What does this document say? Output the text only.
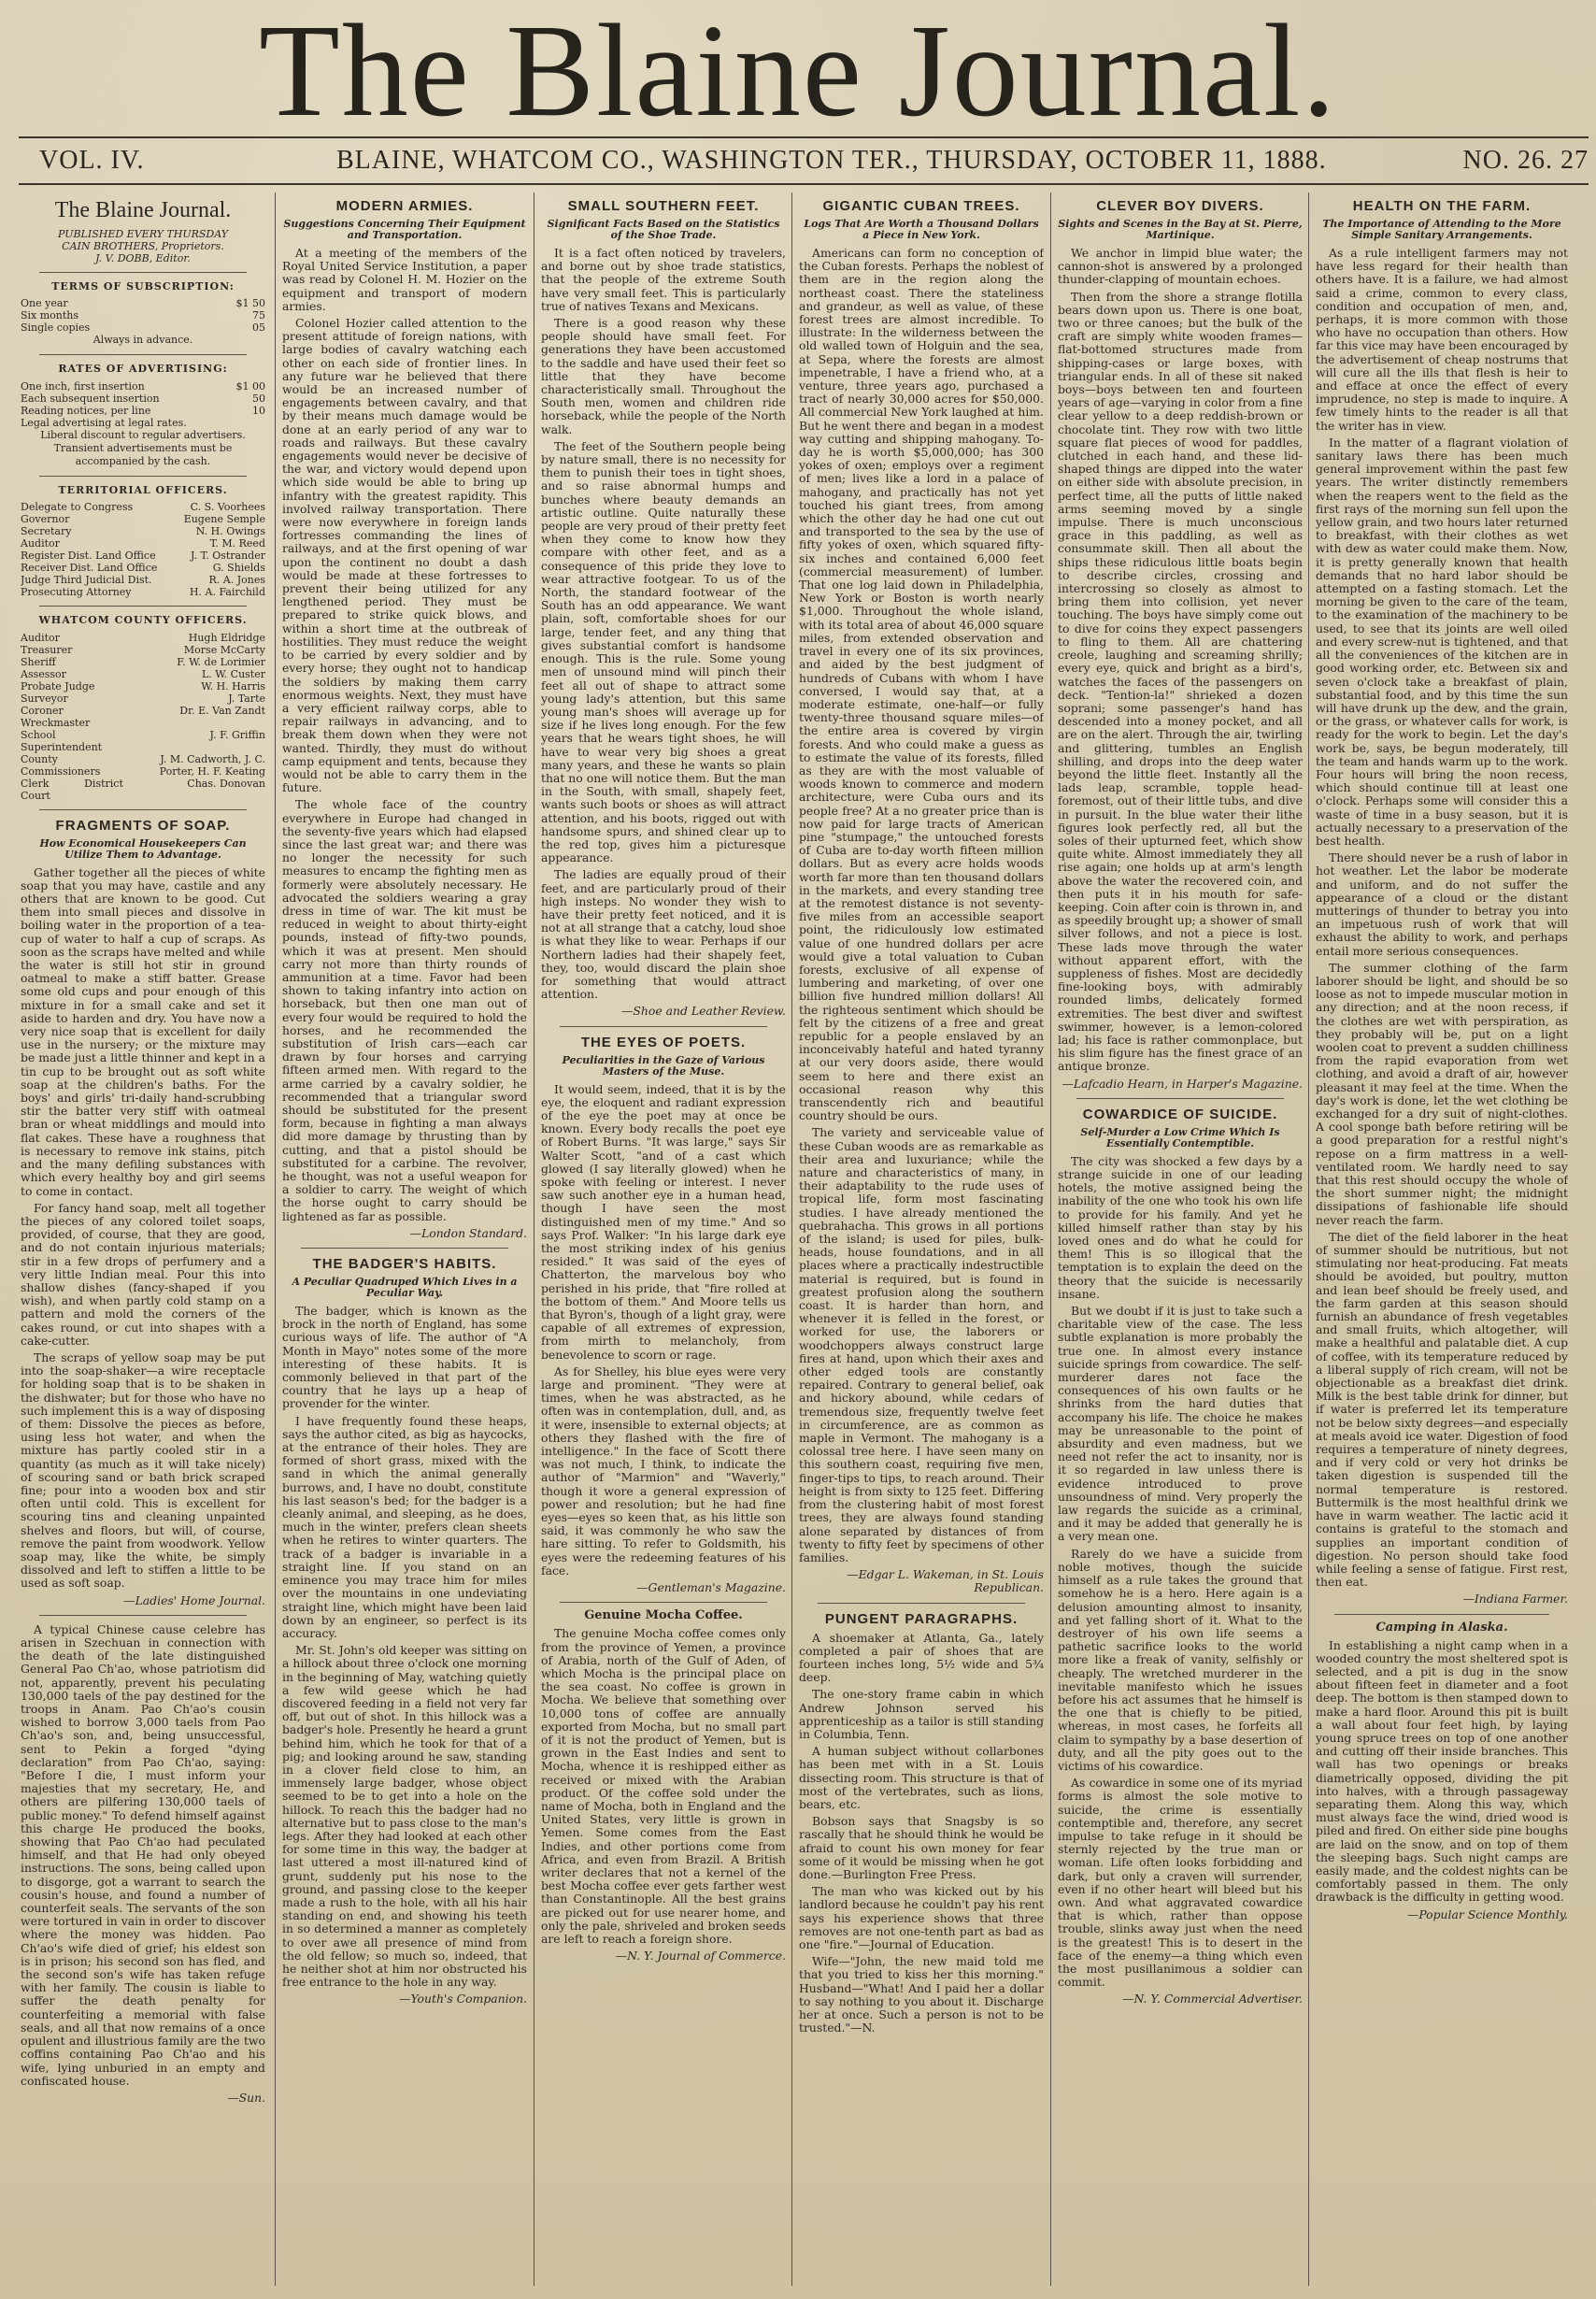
The Blaine Journal.
VOL. IV.	BLAINE, WHATCOM CO., WASHINGTON TER., THURSDAY, OCTOBER 11, 1888.	NO. 26. 27
The Blaine Journal.
PUBLISHED EVERY THURSDAY
CAIN BROTHERS, Proprietors.
J. V. DOBB, Editor.
TERMS OF SUBSCRIPTION:
One year	$1 50
Six months	75
Single copies	05
Always in advance.
RATES OF ADVERTISING:
One inch, first insertion	$1 00
Each subsequent insertion	50
Reading notices, per line	10
Legal advertising at legal rates.	
Liberal discount to regular advertisers. Transient advertisements must be accompanied by the cash.
TERRITORIAL OFFICERS.
Delegate to Congress	C. S. Voorhees
Governor	Eugene Semple
Secretary	N. H. Owings
Auditor	T. M. Reed
Register Dist. Land Office	J. T. Ostrander
Receiver Dist. Land Office	G. Shields
Judge Third Judicial Dist.	R. A. Jones
Prosecuting Attorney	H. A. Fairchild
WHATCOM COUNTY OFFICERS.
Auditor	Hugh Eldridge
Treasurer	Morse McCarty
Sheriff	F. W. de Lorimier
Assessor	L. W. Custer
Probate Judge	W. H. Harris
Surveyor	J. Tarte
Coroner	Dr. E. Van Zandt
Wreckmaster	
School Superintendent	J. F. Griffin
County Commissioners	J. M. Cadworth, J. C. Porter, H. F. Keating
Clerk District Court	Chas. Donovan
FRAGMENTS OF SOAP.
How Economical Housekeepers Can Utilize Them to Advantage.

Gather together all the pieces of white soap that you may have, castile and any others that are known to be good. Cut them into small pieces and dissolve in boiling water in the proportion of a tea-cup of water to half a cup of scraps. As soon as the scraps have melted and while the water is still hot stir in ground oatmeal to make a stiff batter. Grease some old cups and pour enough of this mixture in for a small cake and set it aside to harden and dry. You have now a very nice soap that is excellent for daily use in the nursery; or the mixture may be made just a little thinner and kept in a tin cup to be brought out as soft white soap at the children's baths. For the boys' and girls' tri-daily hand-scrubbing stir the batter very stiff with oatmeal bran or wheat middlings and mould into flat cakes. These have a roughness that is necessary to remove ink stains, pitch and the many defiling substances with which every healthy boy and girl seems to come in contact.

For fancy hand soap, melt all together the pieces of any colored toilet soaps, provided, of course, that they are good, and do not contain injurious materials; stir in a few drops of perfumery and a very little Indian meal. Pour this into shallow dishes (fancy-shaped if you wish), and when partly cold stamp on a pattern and mold the corners of the cakes round, or cut into shapes with a cake-cutter.

The scraps of yellow soap may be put into the soap-shaker—a wire receptacle for holding soap that is to be shaken in the dishwater; but for those who have no such implement this is a way of disposing of them: Dissolve the pieces as before, using less hot water, and when the mixture has partly cooled stir in a quantity (as much as it will take nicely) of scouring sand or bath brick scraped fine; pour into a wooden box and stir often until cold. This is excellent for scouring tins and cleaning unpainted shelves and floors, but will, of course, remove the paint from woodwork. Yellow soap may, like the white, be simply dissolved and left to stiffen a little to be used as soft soap.

—Ladies' Home Journal.

A typical Chinese cause celebre has arisen in Szechuan in connection with the death of the late distinguished General Pao Ch'ao, whose patriotism did not, apparently, prevent his peculating 130,000 taels of the pay destined for the troops in Anam. Pao Ch'ao's cousin wished to borrow 3,000 taels from Pao Ch'ao's son, and, being unsuccessful, sent to Pekin a forged "dying declaration" from Pao Ch'ao, saying: "Before I die, I must inform your majesties that my secretary, He, and others are pilfering 130,000 taels of public money." To defend himself against this charge He produced the books, showing that Pao Ch'ao had peculated himself, and that He had only obeyed instructions. The sons, being called upon to disgorge, got a warrant to search the cousin's house, and found a number of counterfeit seals. The servants of the son were tortured in vain in order to discover where the money was hidden. Pao Ch'ao's wife died of grief; his eldest son is in prison; his second son has fled, and the second son's wife has taken refuge with her family. The cousin is liable to suffer the death penalty for counterfeiting a memorial with false seals, and all that now remains of a once opulent and illustrious family are the two coffins containing Pao Ch'ao and his wife, lying unburied in an empty and confiscated house.

—Sun.
MODERN ARMIES.
Suggestions Concerning Their Equipment and Transportation.

At a meeting of the members of the Royal United Service Institution, a paper was read by Colonel H. M. Hozier on the equipment and transport of modern armies.

Colonel Hozier called attention to the present attitude of foreign nations, with large bodies of cavalry watching each other on each side of frontier lines. In any future war he believed that there would be an increased number of engagements between cavalry, and that by their means much damage would be done at an early period of any war to roads and railways. But these cavalry engagements would never be decisive of the war, and victory would depend upon which side would be able to bring up infantry with the greatest rapidity. This involved railway transportation. There were now everywhere in foreign lands fortresses commanding the lines of railways, and at the first opening of war upon the continent no doubt a dash would be made at these fortresses to prevent their being utilized for any lengthened period. They must be prepared to strike quick blows, and within a short time at the outbreak of hostilities. They must reduce the weight to be carried by every soldier and by every horse; they ought not to handicap the soldiers by making them carry enormous weights. Next, they must have a very efficient railway corps, able to repair railways in advancing, and to break them down when they were not wanted. Thirdly, they must do without camp equipment and tents, because they would not be able to carry them in the future.

The whole face of the country everywhere in Europe had changed in the seventy-five years which had elapsed since the last great war; and there was no longer the necessity for such measures to encamp the fighting men as formerly were absolutely necessary. He advocated the soldiers wearing a gray dress in time of war. The kit must be reduced in weight to about thirty-eight pounds, instead of fifty-two pounds, which it was at present. Men should carry not more than thirty rounds of ammunition at a time. Favor had been shown to taking infantry into action on horseback, but then one man out of every four would be required to hold the horses, and he recommended the substitution of Irish cars—each car drawn by four horses and carrying fifteen armed men. With regard to the arme carried by a cavalry soldier, he recommended that a triangular sword should be substituted for the present form, because in fighting a man always did more damage by thrusting than by cutting, and that a pistol should be substituted for a carbine. The revolver, he thought, was not a useful weapon for a soldier to carry. The weight of which the horse ought to carry should be lightened as far as possible.

—London Standard.
THE BADGER'S HABITS.
A Peculiar Quadruped Which Lives in a Peculiar Way.

The badger, which is known as the brock in the north of England, has some curious ways of life. The author of "A Month in Mayo" notes some of the more interesting of these habits. It is commonly believed in that part of the country that he lays up a heap of provender for the winter.

I have frequently found these heaps, says the author cited, as big as haycocks, at the entrance of their holes. They are formed of short grass, mixed with the sand in which the animal generally burrows, and, I have no doubt, constitute his last season's bed; for the badger is a cleanly animal, and sleeping, as he does, much in the winter, prefers clean sheets when he retires to winter quarters. The track of a badger is invariable in a straight line. If you stand on an eminence you may trace him for miles over the mountains in one undeviating straight line, which might have been laid down by an engineer, so perfect is its accuracy.

Mr. St. John's old keeper was sitting on a hillock about three o'clock one morning in the beginning of May, watching quietly a few wild geese which he had discovered feeding in a field not very far off, but out of shot. In this hillock was a badger's hole. Presently he heard a grunt behind him, which he took for that of a pig; and looking around he saw, standing in a clover field close to him, an immensely large badger, whose object seemed to be to get into a hole on the hillock. To reach this the badger had no alternative but to pass close to the man's legs. After they had looked at each other for some time in this way, the badger at last uttered a most ill-natured kind of grunt, suddenly put his nose to the ground, and passing close to the keeper made a rush to the hole, with all his hair standing on end, and showing his teeth in so determined a manner as completely to over awe all presence of mind from the old fellow; so much so, indeed, that he neither shot at him nor obstructed his free entrance to the hole in any way.

—Youth's Companion.
SMALL SOUTHERN FEET.
Significant Facts Based on the Statistics of the Shoe Trade.

It is a fact often noticed by travelers, and borne out by shoe trade statistics, that the people of the extreme South have very small feet. This is particularly true of natives Texans and Mexicans.

There is a good reason why these people should have small feet. For generations they have been accustomed to the saddle and have used their feet so little that they have become characteristically small. Throughout the South men, women and children ride horseback, while the people of the North walk.

The feet of the Southern people being by nature small, there is no necessity for them to punish their toes in tight shoes, and so raise abnormal humps and bunches where beauty demands an artistic outline. Quite naturally these people are very proud of their pretty feet when they come to know how they compare with other feet, and as a consequence of this pride they love to wear attractive footgear. To us of the North, the standard footwear of the South has an odd appearance. We want plain, soft, comfortable shoes for our large, tender feet, and any thing that gives substantial comfort is handsome enough. This is the rule. Some young men of unsound mind will pinch their feet all out of shape to attract some young lady's attention, but this same young man's shoes will average up for size if he lives long enough. For the few years that he wears tight shoes, he will have to wear very big shoes a great many years, and these he wants so plain that no one will notice them. But the man in the South, with small, shapely feet, wants such boots or shoes as will attract attention, and his boots, rigged out with handsome spurs, and shined clear up to the red top, gives him a picturesque appearance.

The ladies are equally proud of their feet, and are particularly proud of their high insteps. No wonder they wish to have their pretty feet noticed, and it is not at all strange that a catchy, loud shoe is what they like to wear. Perhaps if our Northern ladies had their shapely feet, they, too, would discard the plain shoe for something that would attract attention.

—Shoe and Leather Review.
THE EYES OF POETS.
Peculiarities in the Gaze of Various Masters of the Muse.

It would seem, indeed, that it is by the eye, the eloquent and radiant expression of the eye the poet may at once be known. Every body recalls the poet eye of Robert Burns. "It was large," says Sir Walter Scott, "and of a cast which glowed (I say literally glowed) when he spoke with feeling or interest. I never saw such another eye in a human head, though I have seen the most distinguished men of my time." And so says Prof. Walker: "In his large dark eye the most striking index of his genius resided." It was said of the eyes of Chatterton, the marvelous boy who perished in his pride, that "fire rolled at the bottom of them." And Moore tells us that Byron's, though of a light gray, were capable of all extremes of expression, from mirth to melancholy, from benevolence to scorn or rage.

As for Shelley, his blue eyes were very large and prominent. "They were at times, when he was abstracted, as he often was in contemplation, dull, and, as it were, insensible to external objects; at others they flashed with the fire of intelligence." In the face of Scott there was not much, I think, to indicate the author of "Marmion" and "Waverly," though it wore a general expression of power and resolution; but he had fine eyes—eyes so keen that, as his little son said, it was commonly he who saw the hare sitting. To refer to Goldsmith, his eyes were the redeeming features of his face.

—Gentleman's Magazine.
Genuine Mocha Coffee.

The genuine Mocha coffee comes only from the province of Yemen, a province of Arabia, north of the Gulf of Aden, of which Mocha is the principal place on the sea coast. No coffee is grown in Mocha. We believe that something over 10,000 tons of coffee are annually exported from Mocha, but no small part of it is not the product of Yemen, but is grown in the East Indies and sent to Mocha, whence it is reshipped either as received or mixed with the Arabian product. Of the coffee sold under the name of Mocha, both in England and the United States, very little is grown in Yemen. Some comes from the East Indies, and other portions come from Africa, and even from Brazil. A British writer declares that not a kernel of the best Mocha coffee ever gets farther west than Constantinople. All the best grains are picked out for use nearer home, and only the pale, shriveled and broken seeds are left to reach a foreign shore.

—N. Y. Journal of Commerce.
GIGANTIC CUBAN TREES.
Logs That Are Worth a Thousand Dollars a Piece in New York.

Americans can form no conception of the Cuban forests. Perhaps the noblest of them are in the region along the northeast coast. There the stateliness and grandeur, as well as value, of these forest trees are almost incredible. To illustrate: In the wilderness between the old walled town of Holguin and the sea, at Sepa, where the forests are almost impenetrable, I have a friend who, at a venture, three years ago, purchased a tract of nearly 30,000 acres for $50,000. All commercial New York laughed at him. But he went there and began in a modest way cutting and shipping mahogany. To-day he is worth $5,000,000; has 300 yokes of oxen; employs over a regiment of men; lives like a lord in a palace of mahogany, and practically has not yet touched his giant trees, from among which the other day he had one cut out and transported to the sea by the use of fifty yokes of oxen, which squared fifty-six inches and contained 6,000 feet (commercial measurement) of lumber. That one log laid down in Philadelphia, New York or Boston is worth nearly $1,000. Throughout the whole island, with its total area of about 46,000 square miles, from extended observation and travel in every one of its six provinces, and aided by the best judgment of hundreds of Cubans with whom I have conversed, I would say that, at a moderate estimate, one-half—or fully twenty-three thousand square miles—of the entire area is covered by virgin forests. And who could make a guess as to estimate the value of its forests, filled as they are with the most valuable of woods known to commerce and modern architecture, were Cuba ours and its people free? At a no greater price than is now paid for large tracts of American pine "stumpage," the untouched forests of Cuba are to-day worth fifteen million dollars. But as every acre holds woods worth far more than ten thousand dollars in the markets, and every standing tree at the remotest distance is not seventy-five miles from an accessible seaport point, the ridiculously low estimated value of one hundred dollars per acre would give a total valuation to Cuban forests, exclusive of all expense of lumbering and marketing, of over one billion five hundred million dollars! All the righteous sentiment which should be felt by the citizens of a free and great republic for a people enslaved by an inconceivably hateful and hated tyranny at our very doors aside, there would seem to here and there exist an occasional reason why this transcendently rich and beautiful country should be ours.

The variety and serviceable value of these Cuban woods are as remarkable as their area and luxuriance; while the nature and characteristics of many, in their adaptability to the rude uses of tropical life, form most fascinating studies. I have already mentioned the quebrahacha. This grows in all portions of the island; is used for piles, bulk-heads, house foundations, and in all places where a practically indestructible material is required, but is found in greatest profusion along the southern coast. It is harder than horn, and whenever it is felled in the forest, or worked for use, the laborers or woodchoppers always construct large fires at hand, upon which their axes and other edged tools are constantly repaired. Contrary to general belief, oak and hickory abound, while cedars of tremendous size, frequently twelve feet in circumference, are as common as maple in Vermont. The mahogany is a colossal tree here. I have seen many on this southern coast, requiring five men, finger-tips to tips, to reach around. Their height is from sixty to 125 feet. Differing from the clustering habit of most forest trees, they are always found standing alone separated by distances of from twenty to fifty feet by specimens of other families.

—Edgar L. Wakeman, in St. Louis Republican.
PUNGENT PARAGRAPHS.

A shoemaker at Atlanta, Ga., lately completed a pair of shoes that are fourteen inches long, 5½ wide and 5¾ deep.

The one-story frame cabin in which Andrew Johnson served his apprenticeship as a tailor is still standing in Columbia, Tenn.

A human subject without collarbones has been met with in a St. Louis dissecting room. This structure is that of most of the vertebrates, such as lions, bears, etc.

Bobson says that Snagsby is so rascally that he should think he would be afraid to count his own money for fear some of it would be missing when he got done.—Burlington Free Press.

The man who was kicked out by his landlord because he couldn't pay his rent says his experience shows that three removes are not one-tenth part as bad as one "fire."—Journal of Education.

Wife—"John, the new maid told me that you tried to kiss her this morning." Husband—"What! And I paid her a dollar to say nothing to you about it. Discharge her at once. Such a person is not to be trusted."—N.

CLEVER BOY DIVERS.
Sights and Scenes in the Bay at St. Pierre, Martinique.

We anchor in limpid blue water; the cannon-shot is answered by a prolonged thunder-clapping of mountain echoes.

Then from the shore a strange flotilla bears down upon us. There is one boat, two or three canoes; but the bulk of the craft are simply white wooden frames—flat-bottomed structures made from shipping-cases or large boxes, with triangular ends. In all of these sit naked boys—boys between ten and fourteen years of age—varying in color from a fine clear yellow to a deep reddish-brown or chocolate tint. They row with two little square flat pieces of wood for paddles, clutched in each hand, and these lid-shaped things are dipped into the water on either side with absolute precision, in perfect time, all the putts of little naked arms seeming moved by a single impulse. There is much unconscious grace in this paddling, as well as consummate skill. Then all about the ships these ridiculous little boats begin to describe circles, crossing and intercrossing so closely as almost to bring them into collision, yet never touching. The boys have simply come out to dive for coins they expect passengers to fling to them. All are chattering creole, laughing and screaming shrilly; every eye, quick and bright as a bird's, watches the faces of the passengers on deck. "Tention-la!" shrieked a dozen soprani; some passenger's hand has descended into a money pocket, and all are on the alert. Through the air, twirling and glittering, tumbles an English shilling, and drops into the deep water beyond the little fleet. Instantly all the lads leap, scramble, topple head-foremost, out of their little tubs, and dive in pursuit. In the blue water their lithe figures look perfectly red, all but the soles of their upturned feet, which show quite white. Almost immediately they all rise again; one holds up at arm's length above the water the recovered coin, and then puts it in his mouth for safe-keeping. Coin after coin is thrown in, and as speedily brought up; a shower of small silver follows, and not a piece is lost. These lads move through the water without apparent effort, with the suppleness of fishes. Most are decidedly fine-looking boys, with admirably rounded limbs, delicately formed extremities. The best diver and swiftest swimmer, however, is a lemon-colored lad; his face is rather commonplace, but his slim figure has the finest grace of an antique bronze.

—Lafcadio Hearn, in Harper's Magazine.
COWARDICE OF SUICIDE.
Self-Murder a Low Crime Which Is Essentially Contemptible.

The city was shocked a few days by a strange suicide in one of our leading hotels, the motive assigned being the inability of the one who took his own life to provide for his family. And yet he killed himself rather than stay by his loved ones and do what he could for them! This is so illogical that the temptation is to explain the deed on the theory that the suicide is necessarily insane.

But we doubt if it is just to take such a charitable view of the case. The less subtle explanation is more probably the true one. In almost every instance suicide springs from cowardice. The self-murderer dares not face the consequences of his own faults or he shrinks from the hard duties that accompany his life. The choice he makes may be unreasonable to the point of absurdity and even madness, but we need not refer the act to insanity, nor is it so regarded in law unless there is evidence introduced to prove unsoundness of mind. Very properly the law regards the suicide as a criminal, and it may be added that generally he is a very mean one.

Rarely do we have a suicide from noble motives, though the suicide himself as a rule takes the ground that somehow he is a hero. Here again is a delusion amounting almost to insanity, and yet falling short of it. What to the destroyer of his own life seems a pathetic sacrifice looks to the world more like a freak of vanity, selfishly or cheaply. The wretched murderer in the inevitable manifesto which he issues before his act assumes that he himself is the one that is chiefly to be pitied, whereas, in most cases, he forfeits all claim to sympathy by a base desertion of duty, and all the pity goes out to the victims of his cowardice.

As cowardice in some one of its myriad forms is almost the sole motive to suicide, the crime is essentially contemptible and, therefore, any secret impulse to take refuge in it should be sternly rejected by the true man or woman. Life often looks forbidding and dark, but only a craven will surrender, even if no other heart will bleed but his own. And what aggravated cowardice that is which, rather than oppose trouble, slinks away just when the need is the greatest! This is to desert in the face of the enemy—a thing which even the most pusillanimous a soldier can commit.

—N. Y. Commercial Advertiser.
HEALTH ON THE FARM.
The Importance of Attending to the More Simple Sanitary Arrangements.

As a rule intelligent farmers may not have less regard for their health than others have. It is a failure, we had almost said a crime, common to every class, condition and occupation of men, and, perhaps, it is more common with those who have no occupation than others. How far this vice may have been encouraged by the advertisement of cheap nostrums that will cure all the ills that flesh is heir to and efface at once the effect of every imprudence, no step is made to inquire. A few timely hints to the reader is all that the writer has in view.

In the matter of a flagrant violation of sanitary laws there has been much general improvement within the past few years. The writer distinctly remembers when the reapers went to the field as the first rays of the morning sun fell upon the yellow grain, and two hours later returned to breakfast, with their clothes as wet with dew as water could make them. Now, it is pretty generally known that health demands that no hard labor should be attempted on a fasting stomach. Let the morning be given to the care of the team, to the examination of the machinery to be used, to see that its joints are well oiled and every screw-nut is tightened, and that all the conveniences of the kitchen are in good working order, etc. Between six and seven o'clock take a breakfast of plain, substantial food, and by this time the sun will have drunk up the dew, and the grain, or the grass, or whatever calls for work, is ready for the work to begin. Let the day's work be, says, be begun moderately, till the team and hands warm up to the work. Four hours will bring the noon recess, which should continue till at least one o'clock. Perhaps some will consider this a waste of time in a busy season, but it is actually necessary to a preservation of the best health.

There should never be a rush of labor in hot weather. Let the labor be moderate and uniform, and do not suffer the appearance of a cloud or the distant mutterings of thunder to betray you into an impetuous rush of work that will exhaust the ability to work, and perhaps entail more serious consequences.

The summer clothing of the farm laborer should be light, and should be so loose as not to impede muscular motion in any direction; and at the noon recess, if the clothes are wet with perspiration, as they probably will be, put on a light woolen coat to prevent a sudden chilliness from the rapid evaporation from wet clothing, and avoid a draft of air, however pleasant it may feel at the time. When the day's work is done, let the wet clothing be exchanged for a dry suit of night-clothes. A cool sponge bath before retiring will be a good preparation for a restful night's repose on a firm mattress in a well-ventilated room. We hardly need to say that this rest should occupy the whole of the short summer night; the midnight dissipations of fashionable life should never reach the farm.

The diet of the field laborer in the heat of summer should be nutritious, but not stimulating nor heat-producing. Fat meats should be avoided, but poultry, mutton and lean beef should be freely used, and the farm garden at this season should furnish an abundance of fresh vegetables and small fruits, which altogether, will make a healthful and palatable diet. A cup of coffee, with its temperature reduced by a liberal supply of rich cream, will not be objectionable as a breakfast diet drink. Milk is the best table drink for dinner, but if water is preferred let its temperature not be below sixty degrees—and especially at meals avoid ice water. Digestion of food requires a temperature of ninety degrees, and if very cold or very hot drinks be taken digestion is suspended till the normal temperature is restored. Buttermilk is the most healthful drink we have in warm weather. The lactic acid it contains is grateful to the stomach and supplies an important condition of digestion. No person should take food while feeling a sense of fatigue. First rest, then eat.

—Indiana Farmer.
Camping in Alaska.

In establishing a night camp when in a wooded country the most sheltered spot is selected, and a pit is dug in the snow about fifteen feet in diameter and a foot deep. The bottom is then stamped down to make a hard floor. Around this pit is built a wall about four feet high, by laying young spruce trees on top of one another and cutting off their inside branches. This wall has two openings or breaks diametrically opposed, dividing the pit into halves, with a through passageway separating them. Along this way, which must always face the wind, dried wood is piled and fired. On either side pine boughs are laid on the snow, and on top of them the sleeping bags. Such night camps are easily made, and the coldest nights can be comfortably passed in them. The only drawback is the difficulty in getting wood.

—Popular Science Monthly.
